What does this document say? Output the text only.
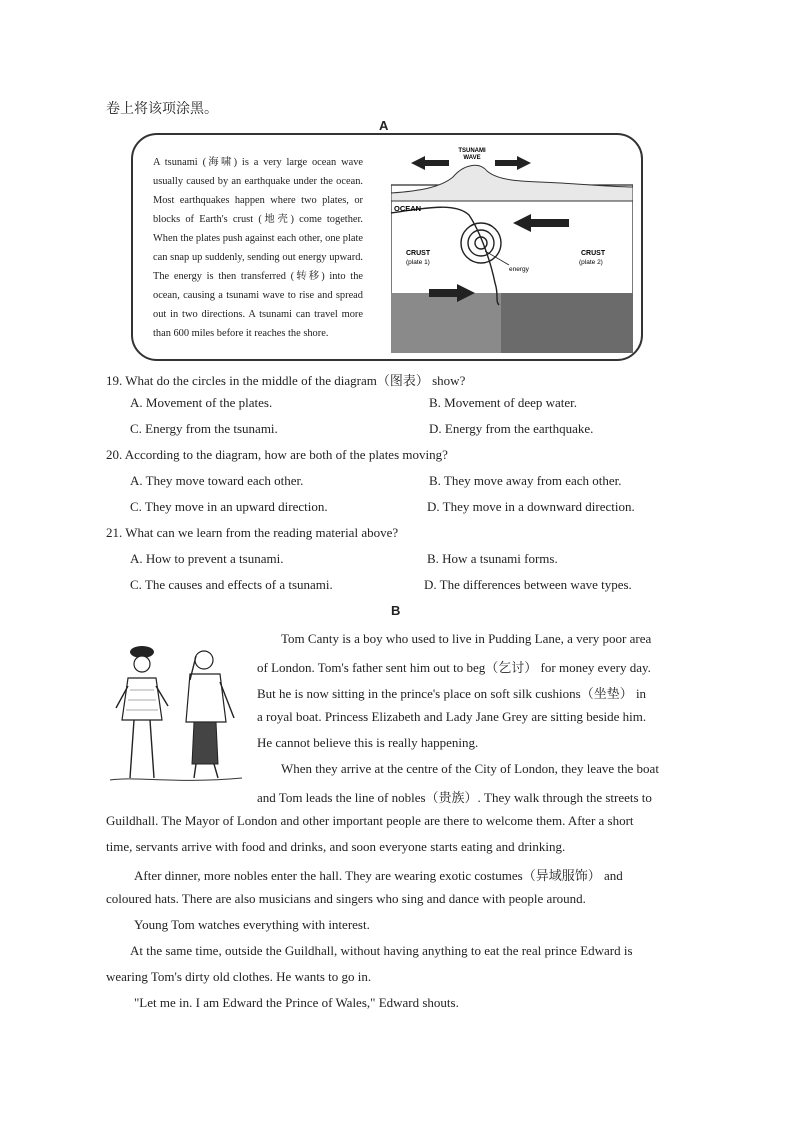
卷上将该项涂黑。
A
A tsunami (海啸) is a very large ocean wave usually caused by an earthquake under the ocean. Most earthquakes happen where two plates, or blocks of Earth's crust (地壳) come together. When the plates push against each other, one plate can snap up suddenly, sending out energy upward. The energy is then transferred (转移) into the ocean, causing a tsunami wave to rise and spread out in two directions. A tsunami can travel more than 600 miles before it reaches the shore.
TSUNAMI
WAVE
OCEAN
CRUST
(plate 1)
CRUST
(plate 2)
energy
19. What do the circles in the middle of the diagram（图表） show?
A. Movement of the plates.	B. Movement of deep water.
C. Energy from the tsunami.	D. Energy from the earthquake.
20. According to the diagram, how are both of the plates moving?
A. They move toward each other.	B. They move away from each other.
C. They move in an upward direction.	D. They move in a downward direction.
21. What can we learn from the reading material above?
A. How to prevent a tsunami.	B. How a tsunami forms.
C. The causes and effects of a tsunami.	D. The differences between wave types.
B
Tom Canty is a boy who used to live in Pudding Lane, a very poor area
of London. Tom's father sent him out to beg（乞讨） for money every day.
But he is now sitting in the prince's place on soft silk cushions（坐垫） in
a royal boat. Princess Elizabeth and Lady Jane Grey are sitting beside him.
He cannot believe this is really happening.
When they arrive at the centre of the City of London, they leave the boat
and Tom leads the line of nobles（贵族）. They walk through the streets to
Guildhall. The Mayor of London and other important people are there to welcome them. After a short
time, servants arrive with food and drinks, and soon everyone starts eating and drinking.
After dinner, more nobles enter the hall. They are wearing exotic costumes（异域服饰） and
coloured hats. There are also musicians and singers who sing and dance with people around.
Young Tom watches everything with interest.
At the same time, outside the Guildhall, without having anything to eat the real prince Edward is
wearing Tom's dirty old clothes. He wants to go in.
"Let me in. I am Edward the Prince of Wales," Edward shouts.
